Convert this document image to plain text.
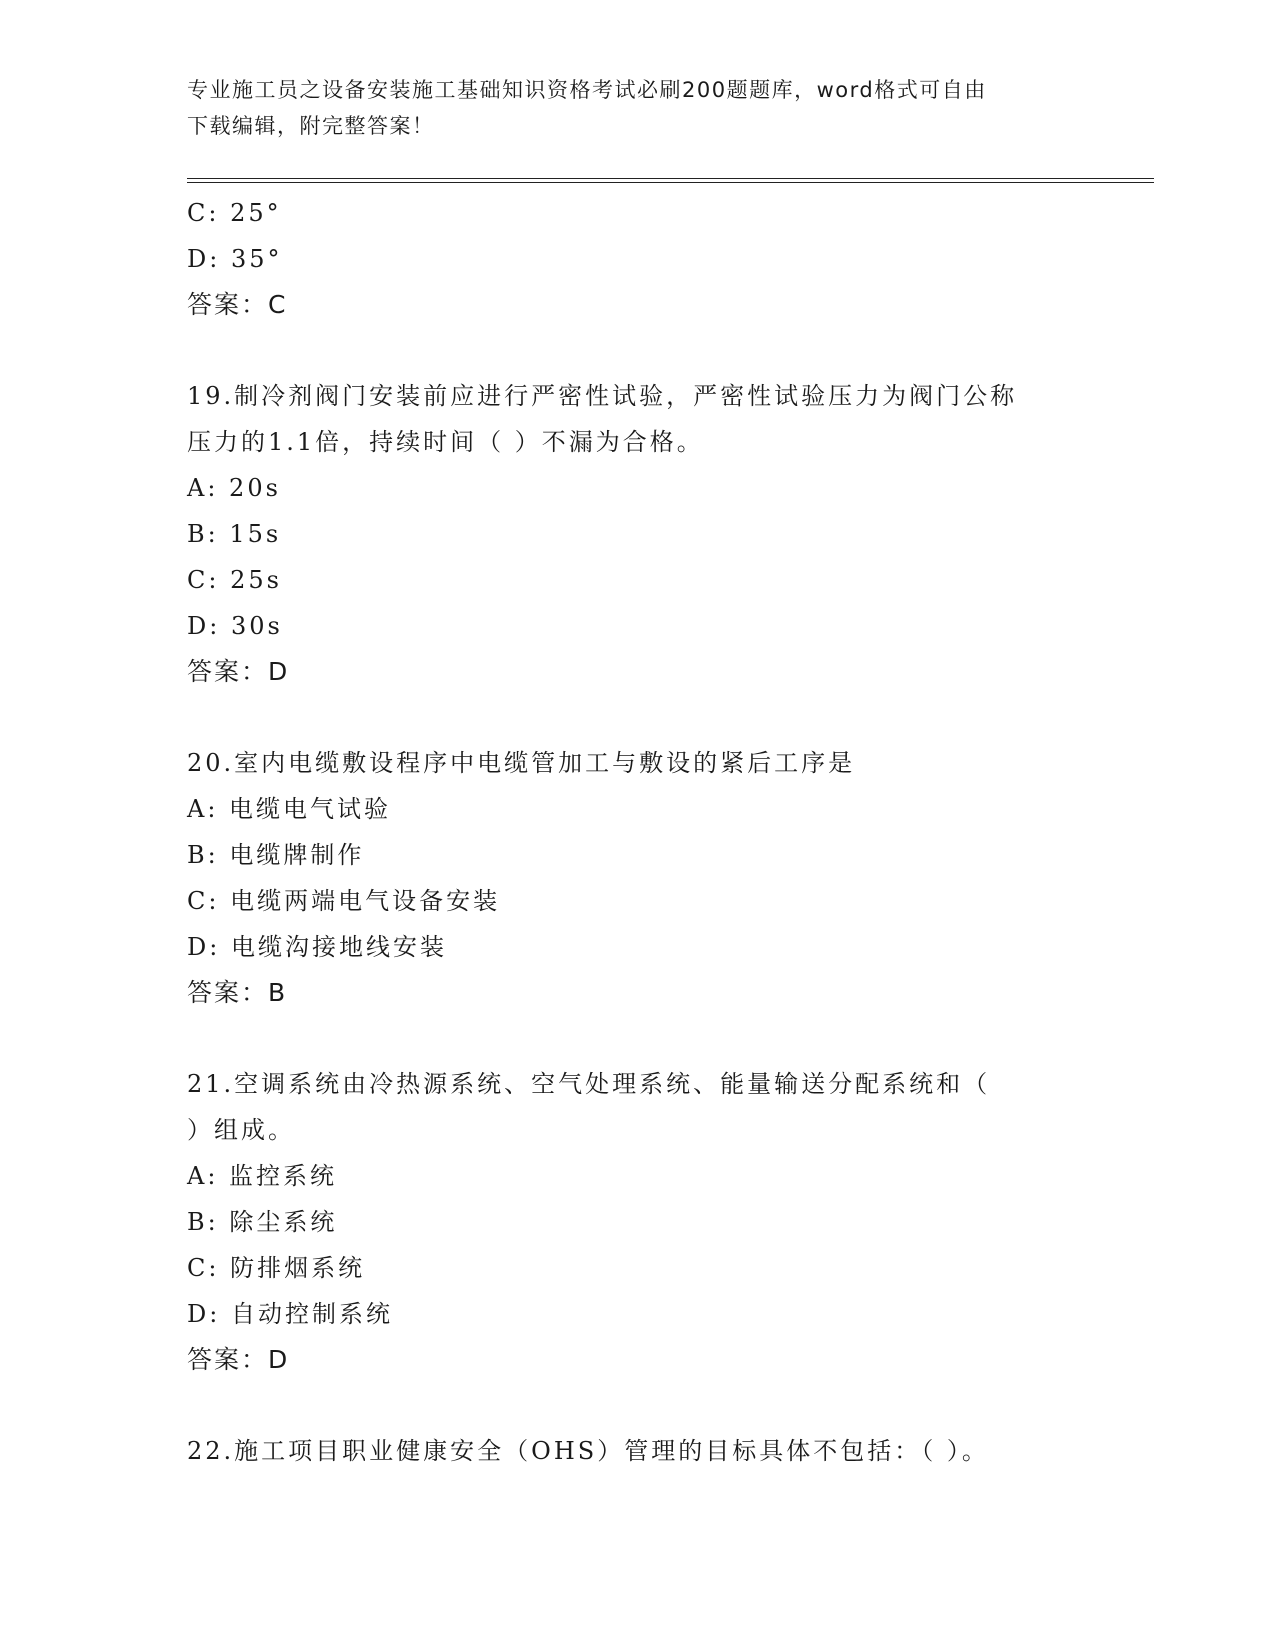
专业施工员之设备安装施工基础知识资格考试必刷200题题库，word格式可自由
下载编辑，附完整答案！
C: 25°
D: 35°
答案：C
19.制冷剂阀门安装前应进行严密性试验，严密性试验压力为阀门公称
压力的1.1倍，持续时间（ ）不漏为合格。
A: 20s
B: 15s
C: 25s
D: 30s
答案：D
20.室内电缆敷设程序中电缆管加工与敷设的紧后工序是
A: 电缆电气试验
B: 电缆牌制作
C: 电缆两端电气设备安装
D: 电缆沟接地线安装
答案：B
21.空调系统由冷热源系统、空气处理系统、能量输送分配系统和（
）组成。
A: 监控系统
B: 除尘系统
C: 防排烟系统
D: 自动控制系统
答案：D
22.施工项目职业健康安全（OHS）管理的目标具体不包括：（ ）。
